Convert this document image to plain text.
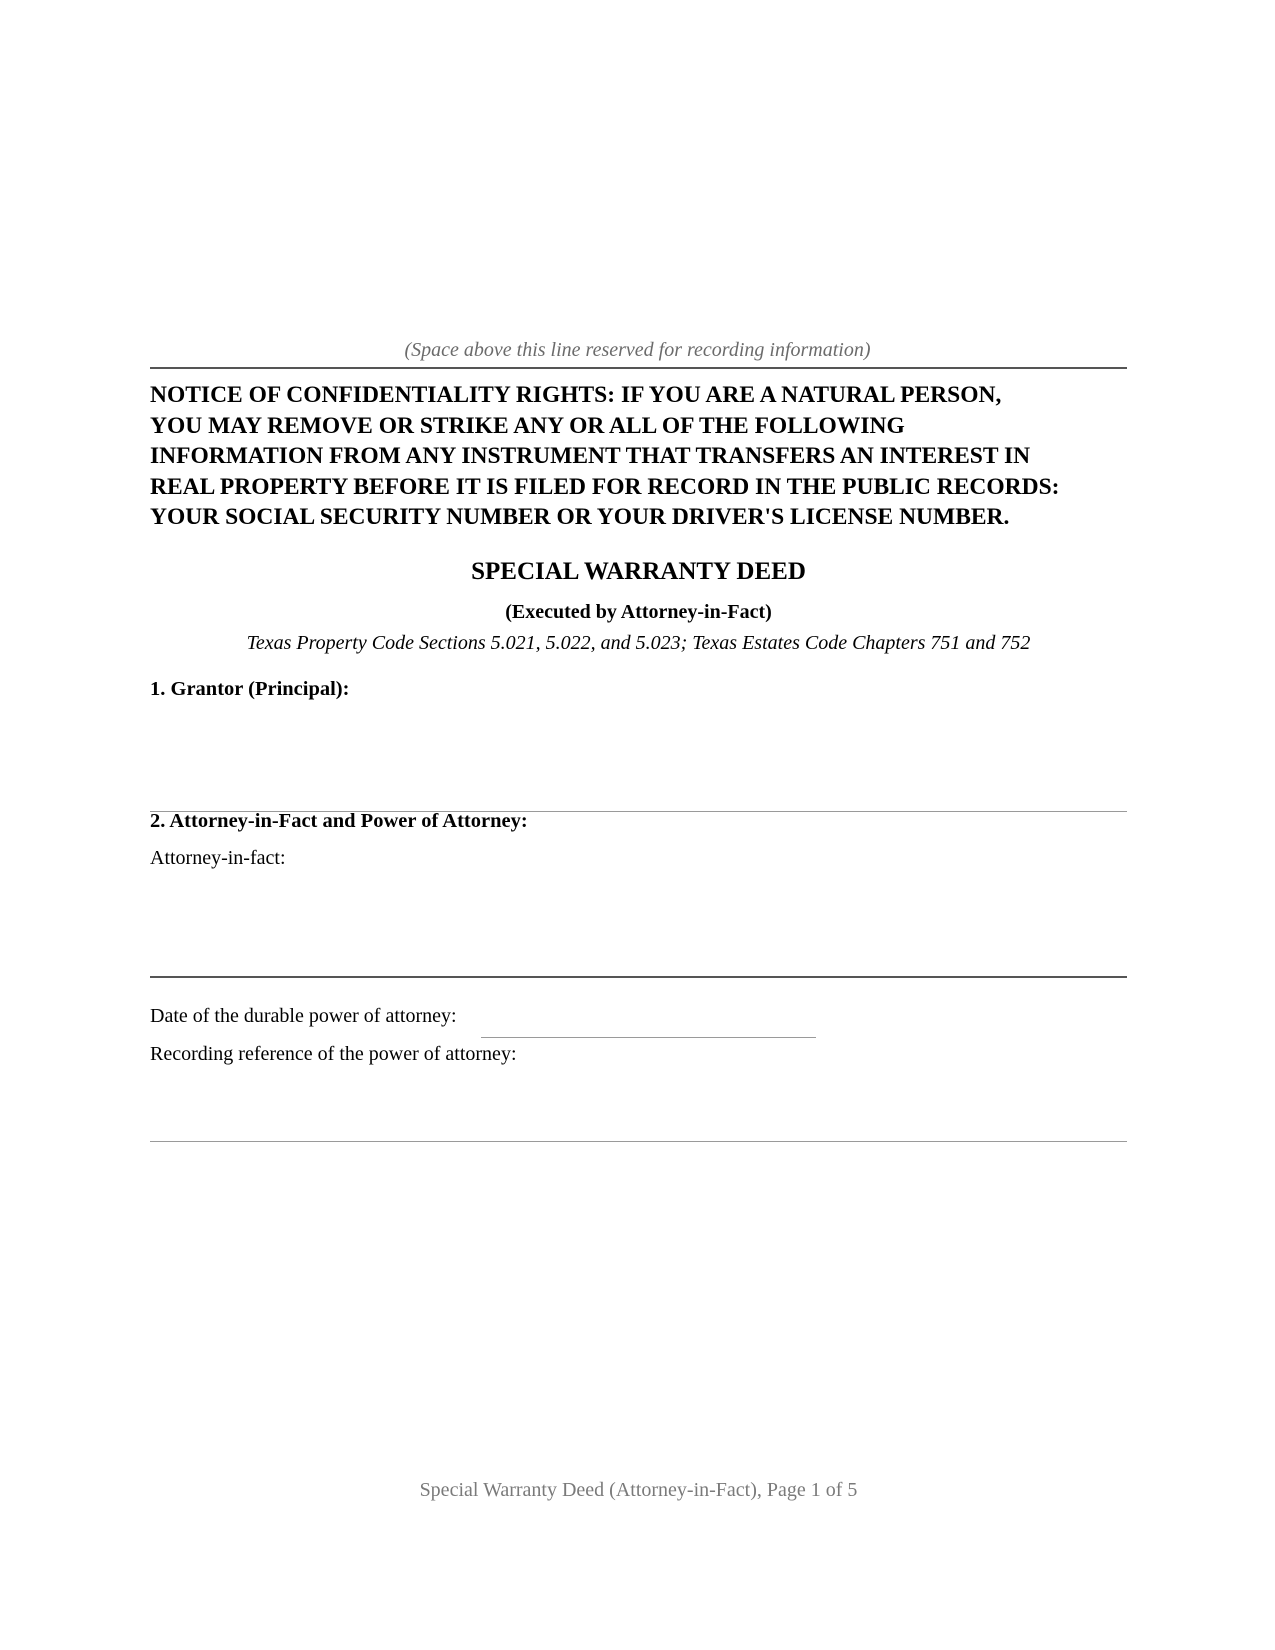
(Space above this line reserved for recording information)
NOTICE OF CONFIDENTIALITY RIGHTS: IF YOU ARE A NATURAL PERSON,
YOU MAY REMOVE OR STRIKE ANY OR ALL OF THE FOLLOWING
INFORMATION FROM ANY INSTRUMENT THAT TRANSFERS AN INTEREST IN
REAL PROPERTY BEFORE IT IS FILED FOR RECORD IN THE PUBLIC RECORDS:
YOUR SOCIAL SECURITY NUMBER OR YOUR DRIVER'S LICENSE NUMBER.
SPECIAL WARRANTY DEED
(Executed by Attorney-in-Fact)
Texas Property Code Sections 5.021, 5.022, and 5.023; Texas Estates Code Chapters 751 and 752
1. Grantor (Principal):
2. Attorney-in-Fact and Power of Attorney:
Attorney-in-fact:
Date of the durable power of attorney:
Recording reference of the power of attorney:
Special Warranty Deed (Attorney-in-Fact), Page 1 of 5
